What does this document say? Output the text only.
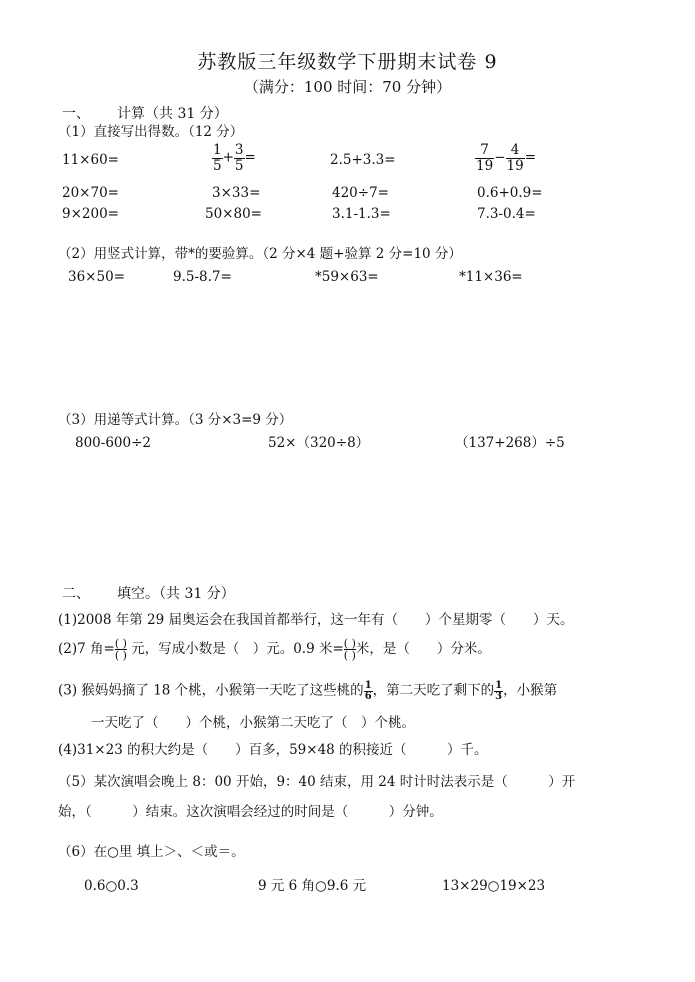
苏教版三年级数学下册期末试卷 9
（满分：100 时间：70 分钟）
一、 计算（共 31 分）
（1）直接写出得数。（12 分）
11×60=	$\frac{1}{5} + \frac{3}{5}$ =	2.5+3.3=	$\frac{7}{19} - \frac{4}{19}$ =
20×70=	3×33=	420÷7=	0.6+0.9=
9×200=	50×80=	3.1-1.3=	7.3-0.4=
（2）用竖式计算，带*的要验算。（2 分×4 题+验算 2 分=10 分）
36×50=	9.5-8.7=	*59×63=	*11×36=
（3）用递等式计算。（3 分×3=9 分）
800-600÷2	52×（320÷8）	（137+268）÷5
二、 填空。（共 31 分）
(1)2008 年第 29 届奥运会在我国首都举行，这一年有（　　）个星期零（　　）天。
(2)7 角= ( )
( ) 元，写成小数是（　）元。0.9 米= ( )
( ) 米，是（　　）分米。
(3) 猴妈妈摘了 18 个桃，小猴第一天吃了这些桃的 $\frac{1}{6}$ ，第二天吃了剩下的 $\frac{1}{3}$ ，小猴第
一天吃了（　　）个桃，小猴第二天吃了（　）个桃。
(4)31×23 的积大约是（　　）百多，59×48 的积接近（　　　）千。
（5）某次演唱会晚上 8：00 开始，9：40 结束，用 24 时计时法表示是（　　　）开
始，（　　　）结束。这次演唱会经过的时间是（　　　）分钟。
（6）在○里 填上＞、＜或＝。
0.6○0.3	9 元 6 角○9.6 元	13×29○19×23
